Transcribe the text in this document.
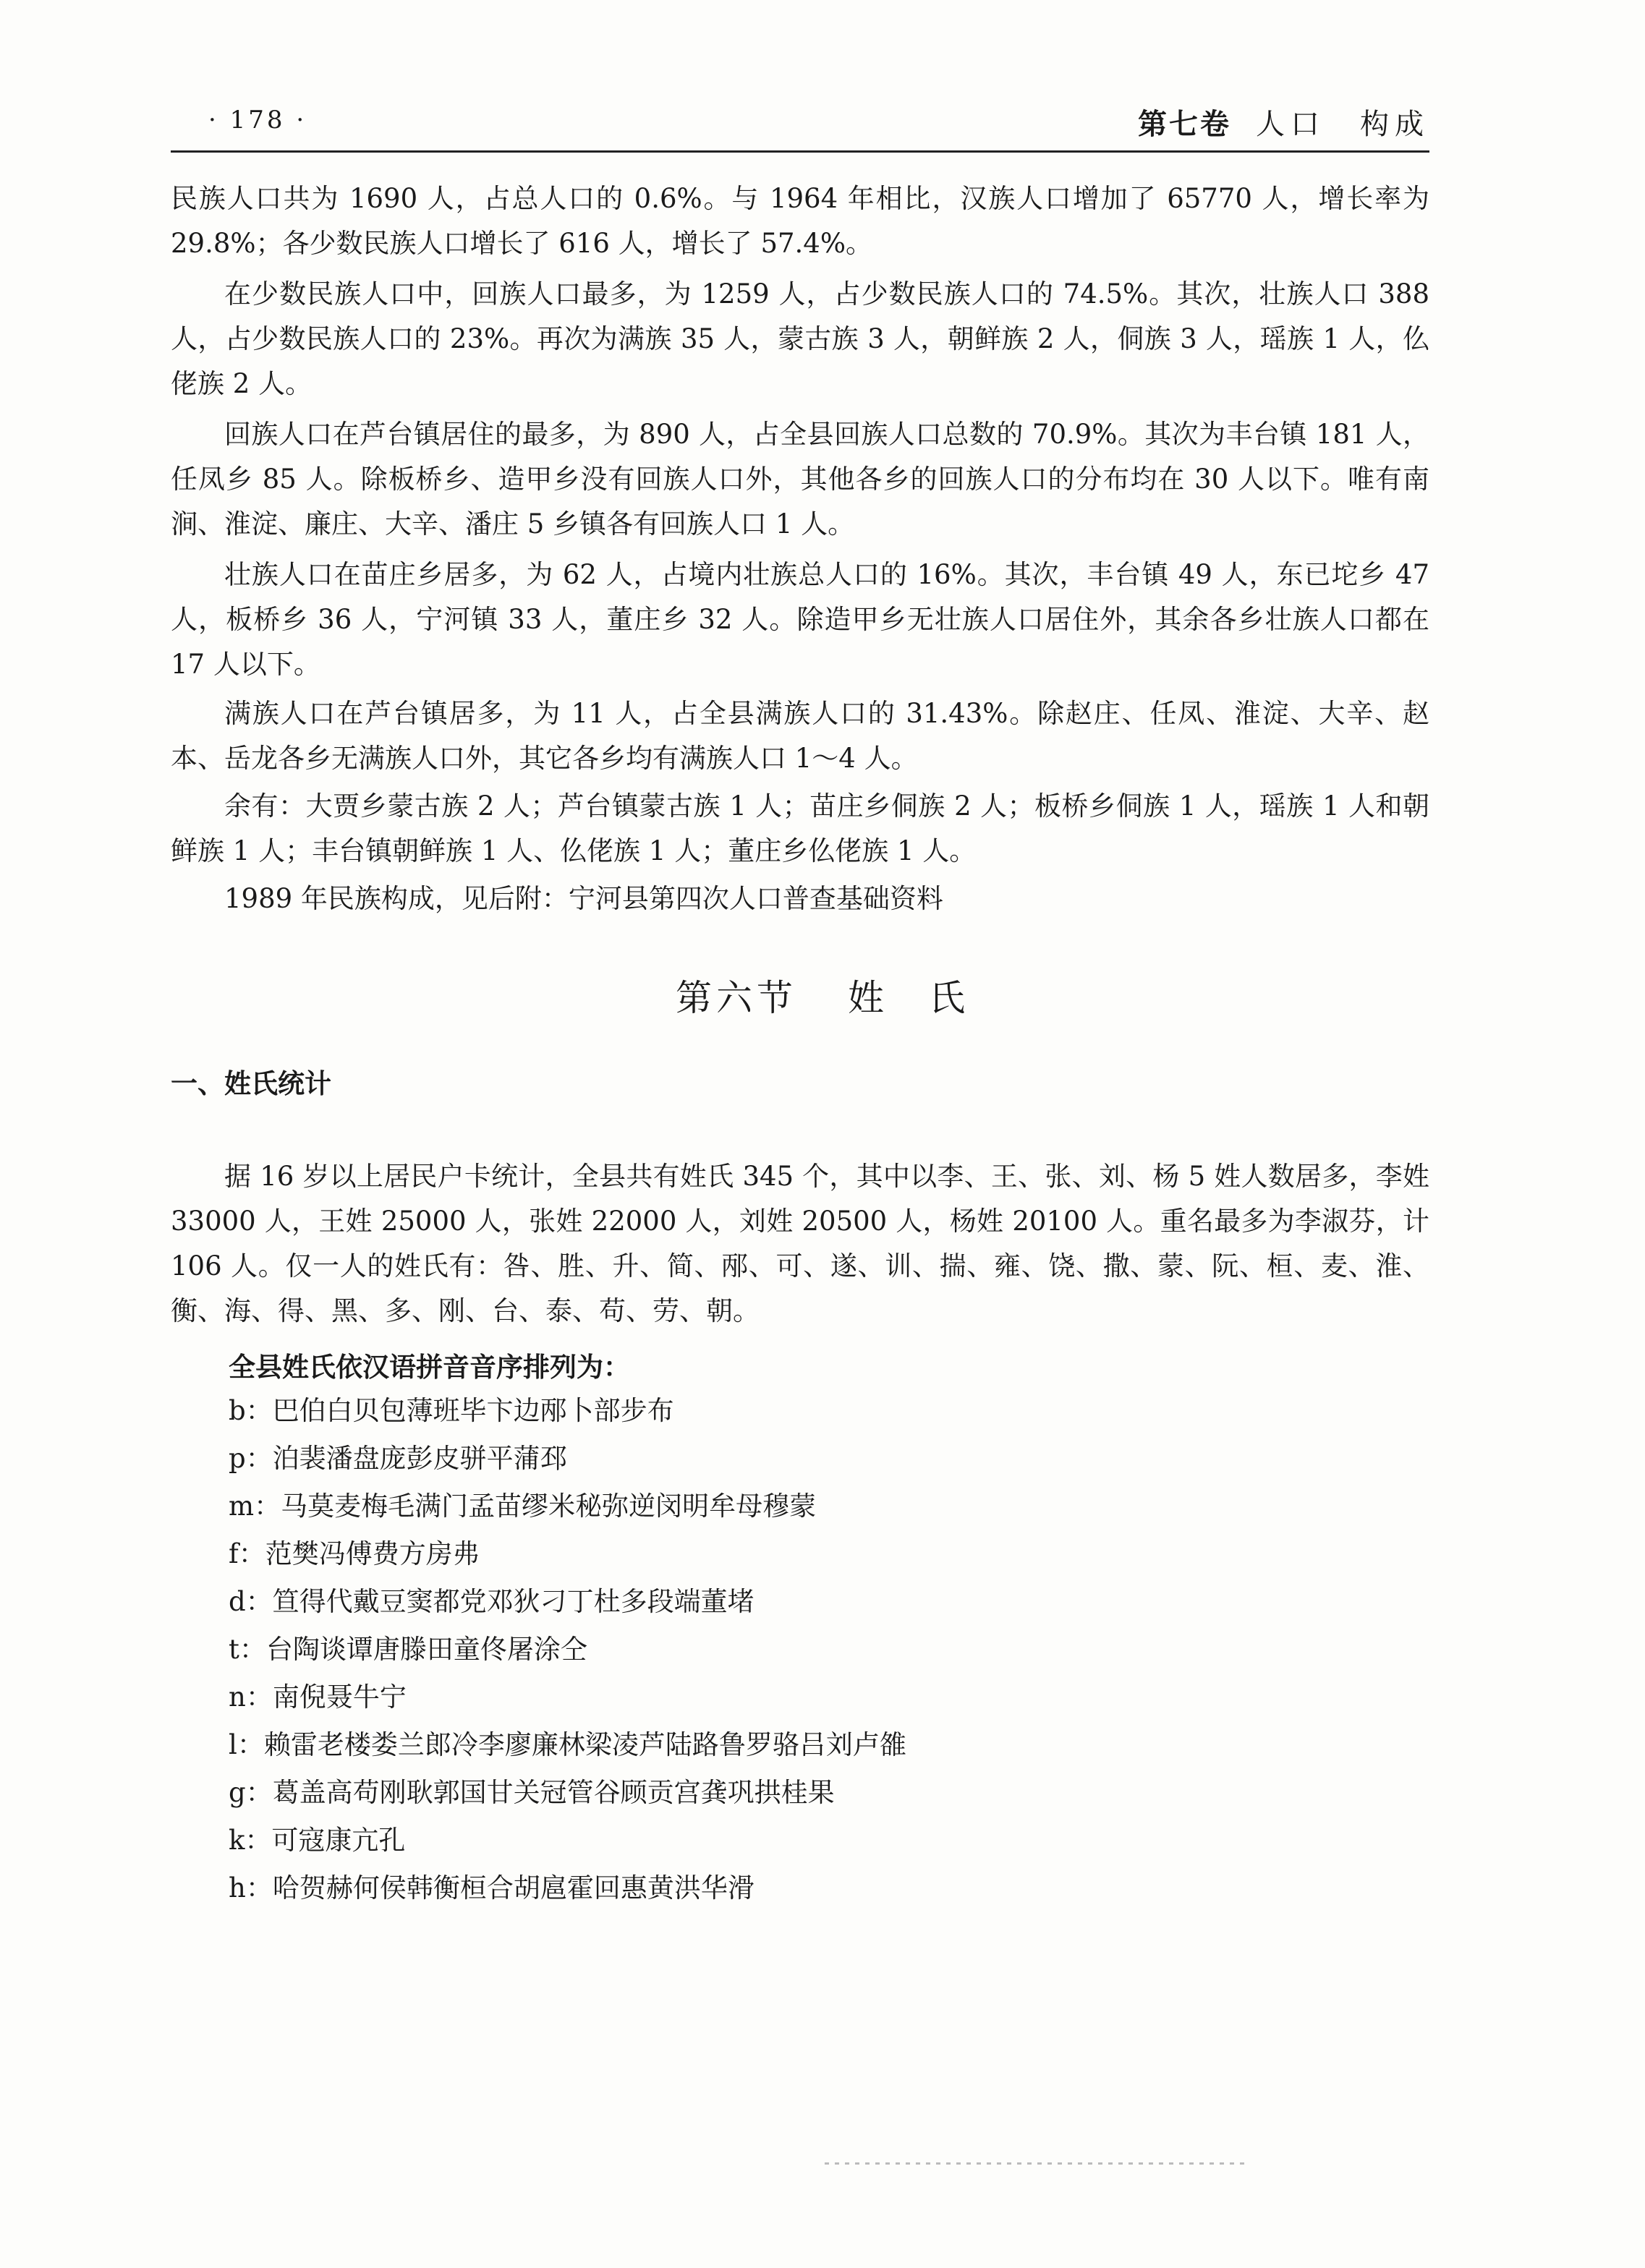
· 178 ·	第七卷 人口　构成

民族人口共为 1690 人，占总人口的 0.6%。与 1964 年相比，汉族人口增加了 65770 人，增长率为 29.8%；各少数民族人口增长了 616 人，增长了 57.4%。

在少数民族人口中，回族人口最多，为 1259 人，占少数民族人口的 74.5%。其次，壮族人口 388 人，占少数民族人口的 23%。再次为满族 35 人，蒙古族 3 人，朝鲜族 2 人，侗族 3 人，瑶族 1 人，仫佬族 2 人。

回族人口在芦台镇居住的最多，为 890 人，占全县回族人口总数的 70.9%。其次为丰台镇 181 人，任凤乡 85 人。除板桥乡、造甲乡没有回族人口外，其他各乡的回族人口的分布均在 30 人以下。唯有南涧、淮淀、廉庄、大辛、潘庄 5 乡镇各有回族人口 1 人。

壮族人口在苗庄乡居多，为 62 人，占境内壮族总人口的 16%。其次，丰台镇 49 人，东已坨乡 47 人，板桥乡 36 人，宁河镇 33 人，董庄乡 32 人。除造甲乡无壮族人口居住外，其余各乡壮族人口都在 17 人以下。

满族人口在芦台镇居多，为 11 人，占全县满族人口的 31.43%。除赵庄、任凤、淮淀、大辛、赵本、岳龙各乡无满族人口外，其它各乡均有满族人口 1～4 人。

余有：大贾乡蒙古族 2 人；芦台镇蒙古族 1 人；苗庄乡侗族 2 人；板桥乡侗族 1 人，瑶族 1 人和朝鲜族 1 人；丰台镇朝鲜族 1 人、仫佬族 1 人；董庄乡仫佬族 1 人。

1989 年民族构成，见后附：宁河县第四次人口普查基础资料

第六节 姓　氏
一、姓氏统计

据 16 岁以上居民户卡统计，全县共有姓氏 345 个，其中以李、王、张、刘、杨 5 姓人数居多，李姓 33000 人，王姓 25000 人，张姓 22000 人，刘姓 20500 人，杨姓 20100 人。重名最多为李淑芬，计 106 人。仅一人的姓氏有：咎、胜、升、简、邴、可、遂、训、揣、雍、饶、撒、蒙、阮、桓、麦、淮、衡、海、得、黑、多、刚、台、泰、苟、劳、朝。

全县姓氏依汉语拼音音序排列为：
b：巴伯白贝包薄班毕卞边邴卜部步布
p：泊裴潘盘庞彭皮骈平蒲邳
m：马莫麦梅毛满门孟苗缪米秘弥逆闵明牟母穆蒙
f：范樊冯傅费方房弗
d：笪得代戴豆窦都党邓狄刁丁杜多段端董堵
t：台陶谈谭唐滕田童佟屠涂仝
n：南倪聂牛宁
l：赖雷老楼娄兰郎冷李廖廉林梁凌芦陆路鲁罗骆吕刘卢雒
g：葛盖高苟刚耿郭国甘关冠管谷顾贡宫龚巩拱桂果
k：可寇康亢孔
h：哈贺赫何侯韩衡桓合胡扈霍回惠黄洪华滑
